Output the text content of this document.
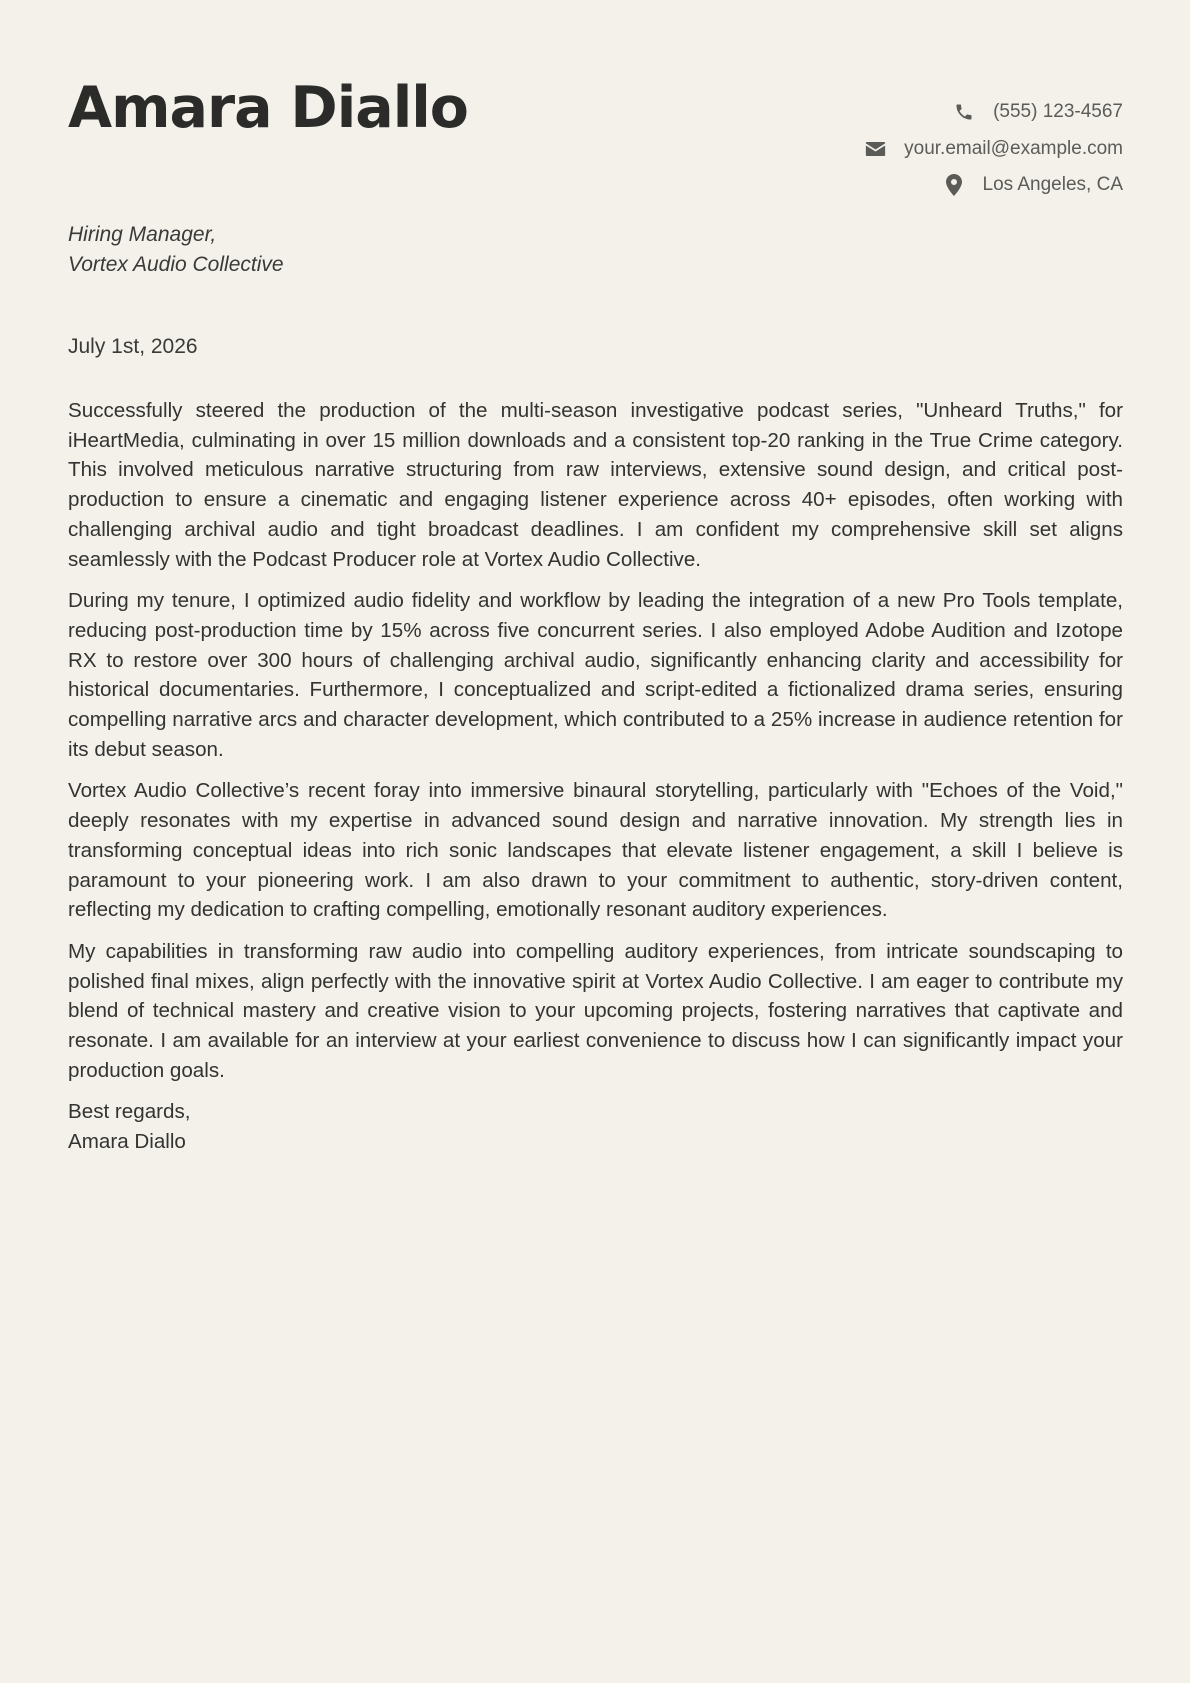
Amara Diallo	(555) 123-4567
your.email@example.com
Los Angeles, CA
Hiring Manager,
Vortex Audio Collective
July 1st, 2026

Successfully steered the production of the multi-season investigative podcast series, "Unheard Truths," for iHeartMedia, culminating in over 15 million downloads and a consistent top-20 ranking in the True Crime category. This involved meticulous narrative structuring from raw interviews, extensive sound design, and critical post-production to ensure a cinematic and engaging listener experience across 40+ episodes, often working with challenging archival audio and tight broadcast deadlines. I am confident my comprehensive skill set aligns seamlessly with the Podcast Producer role at Vortex Audio Collective.

During my tenure, I optimized audio fidelity and workflow by leading the integration of a new Pro Tools template, reducing post-production time by 15% across five concurrent series. I also employed Adobe Audition and Izotope RX to restore over 300 hours of challenging archival audio, significantly enhancing clarity and accessibility for historical documentaries. Furthermore, I conceptualized and script-edited a fictionalized drama series, ensuring compelling narrative arcs and character development, which contributed to a 25% increase in audience retention for its debut season.

Vortex Audio Collective’s recent foray into immersive binaural storytelling, particularly with "Echoes of the Void," deeply resonates with my expertise in advanced sound design and narrative innovation. My strength lies in transforming conceptual ideas into rich sonic landscapes that elevate listener engagement, a skill I believe is paramount to your pioneering work. I am also drawn to your commitment to authentic, story-driven content, reflecting my dedication to crafting compelling, emotionally resonant auditory experiences.

My capabilities in transforming raw audio into compelling auditory experiences, from intricate soundscaping to polished final mixes, align perfectly with the innovative spirit at Vortex Audio Collective. I am eager to contribute my blend of technical mastery and creative vision to your upcoming projects, fostering narratives that captivate and resonate. I am available for an interview at your earliest convenience to discuss how I can significantly impact your production goals.

Best regards,
Amara Diallo
